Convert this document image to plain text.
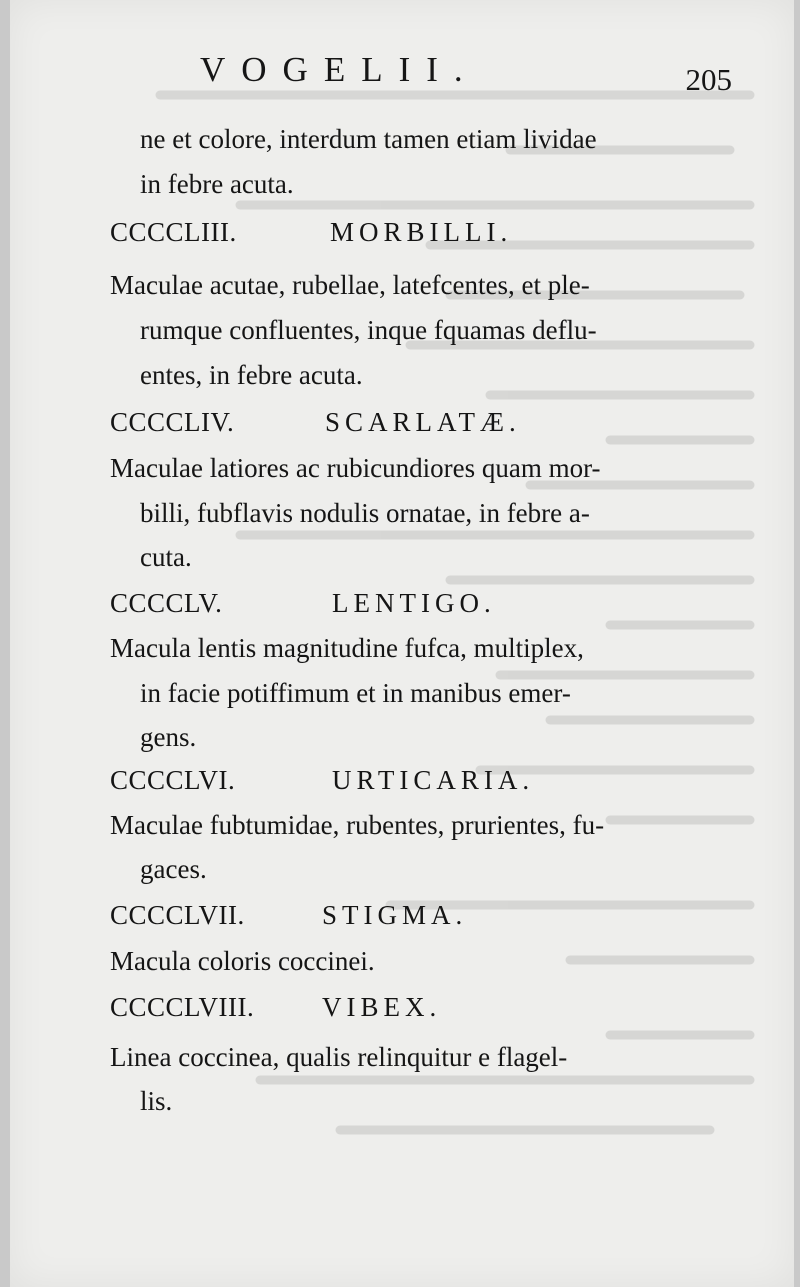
VOGELII.	205
ne et colore, interdum tamen etiam lividae
in febre acuta.
CCCCLIII.	MORBILLI.
Maculae acutae, rubellae, latefcentes, et ple-
rumque confluentes, inque fquamas deflu-
entes, in febre acuta.
CCCCLIV.	SCARLATÆ.
Maculae latiores ac rubicundiores quam mor-
billi, fubflavis nodulis ornatae, in febre a-
cuta.
CCCCLV.	LENTIGO.
Macula lentis magnitudine fufca, multiplex,
in facie potiffimum et in manibus emer-
gens.
CCCCLVI.	URTICARIA.
Maculae fubtumidae, rubentes, prurientes, fu-
gaces.
CCCCLVII.	STIGMA.
Macula coloris coccinei.
CCCCLVIII.	VIBEX.
Linea coccinea, qualis relinquitur e flagel-
lis.
